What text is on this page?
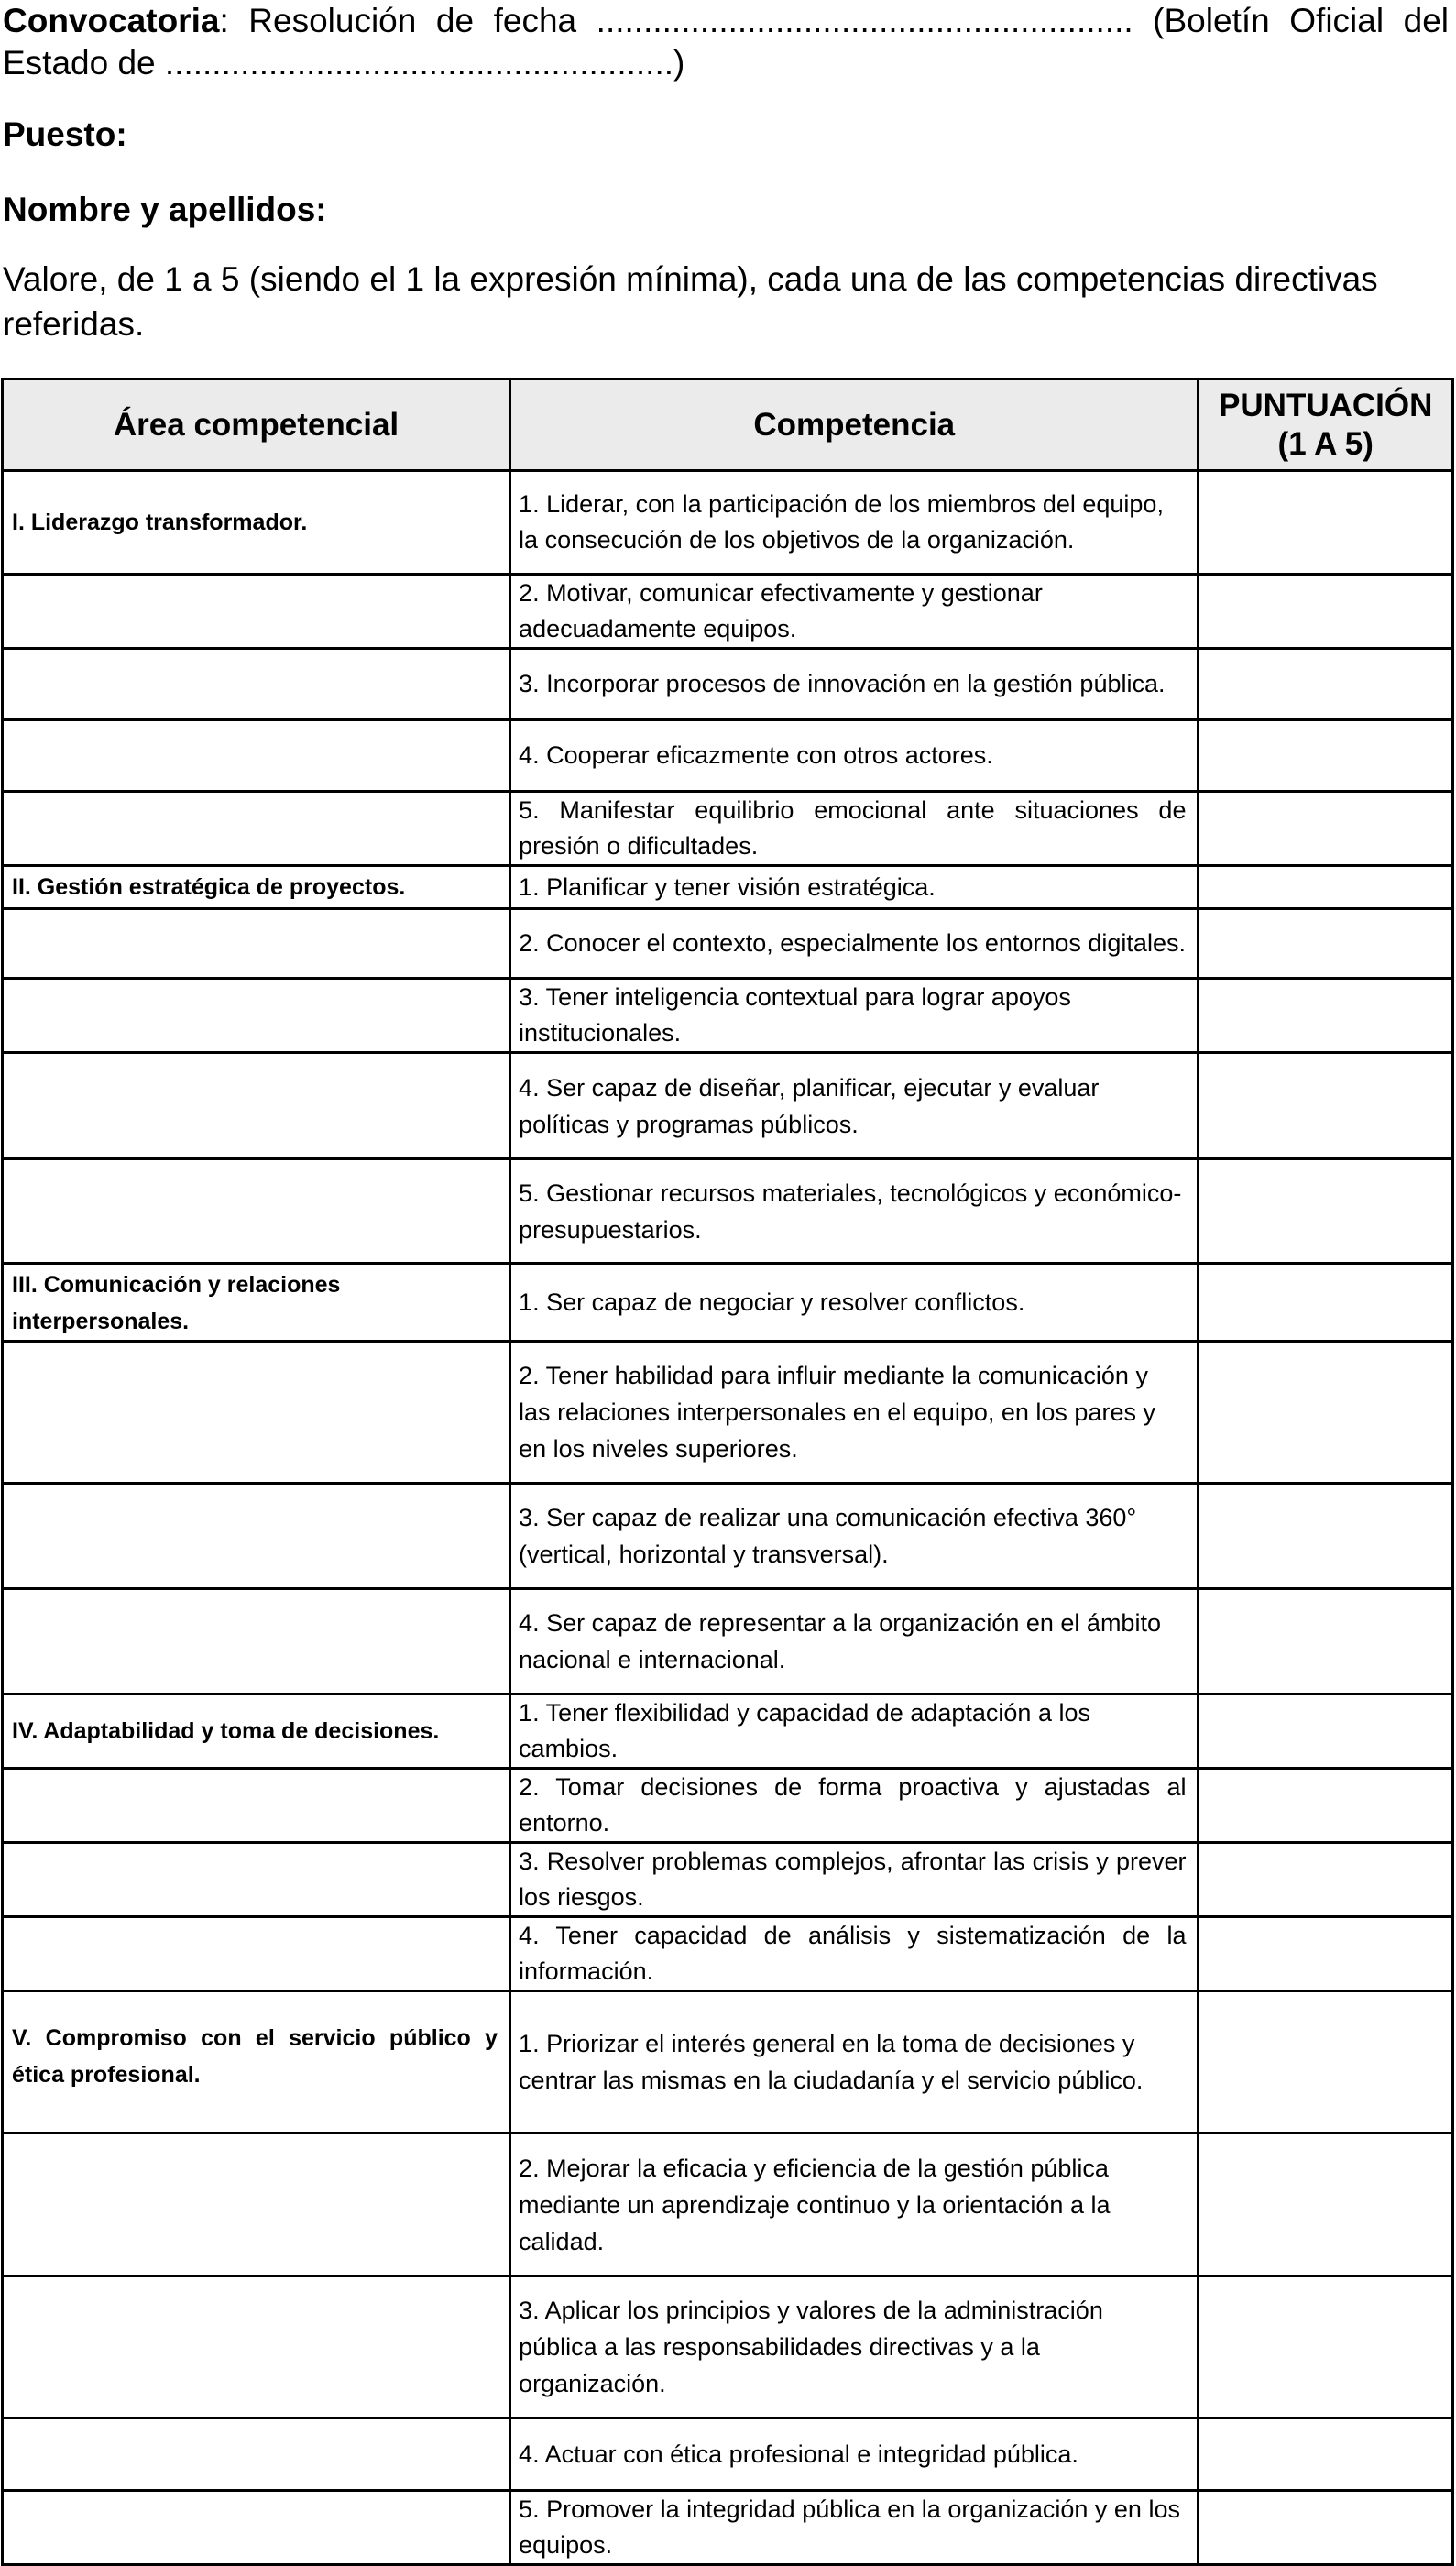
Convocatoria: Resolución de fecha ......................................................... (Boletín Oficial del Estado de ......................................................)
Puesto:
Nombre y apellidos:
Valore, de 1 a 5 (siendo el 1 la expresión mínima), cada una de las competencias directivas referidas.
Área competencial	Competencia	PUNTUACIÓN
(1 A 5)
I. Liderazgo transformador.	1. Liderar, con la participación de los miembros del equipo, la consecución de los objetivos de la organización.	
	2. Motivar, comunicar efectivamente y gestionar adecuadamente equipos.	
	3. Incorporar procesos de innovación en la gestión pública.	
	4. Cooperar eficazmente con otros actores.	
	5. Manifestar equilibrio emocional ante situaciones de presión o dificultades.	
II. Gestión estratégica de proyectos.	1. Planificar y tener visión estratégica.	
	2. Conocer el contexto, especialmente los entornos digitales.	
	3. Tener inteligencia contextual para lograr apoyos institucionales.	
	4. Ser capaz de diseñar, planificar, ejecutar y evaluar políticas y programas públicos.	
	5. Gestionar recursos materiales, tecnológicos y económico-presupuestarios.	
III. Comunicación y relaciones interpersonales.	1. Ser capaz de negociar y resolver conflictos.	
	2. Tener habilidad para influir mediante la comunicación y las relaciones interpersonales en el equipo, en los pares y en los niveles superiores.	
	3. Ser capaz de realizar una comunicación efectiva 360° (vertical, horizontal y transversal).	
	4. Ser capaz de representar a la organización en el ámbito nacional e internacional.	
IV. Adaptabilidad y toma de decisiones.	1. Tener flexibilidad y capacidad de adaptación a los cambios.	
	2. Tomar decisiones de forma proactiva y ajustadas al entorno.	
	3. Resolver problemas complejos, afrontar las crisis y prever los riesgos.	
	4. Tener capacidad de análisis y sistematización de la información.	
V. Compromiso con el servicio público y ética profesional.	1. Priorizar el interés general en la toma de decisiones y centrar las mismas en la ciudadanía y el servicio público.	
	2. Mejorar la eficacia y eficiencia de la gestión pública mediante un aprendizaje continuo y la orientación a la calidad.	
	3. Aplicar los principios y valores de la administración pública a las responsabilidades directivas y a la organización.	
	4. Actuar con ética profesional e integridad pública.	
	5. Promover la integridad pública en la organización y en los equipos.	
